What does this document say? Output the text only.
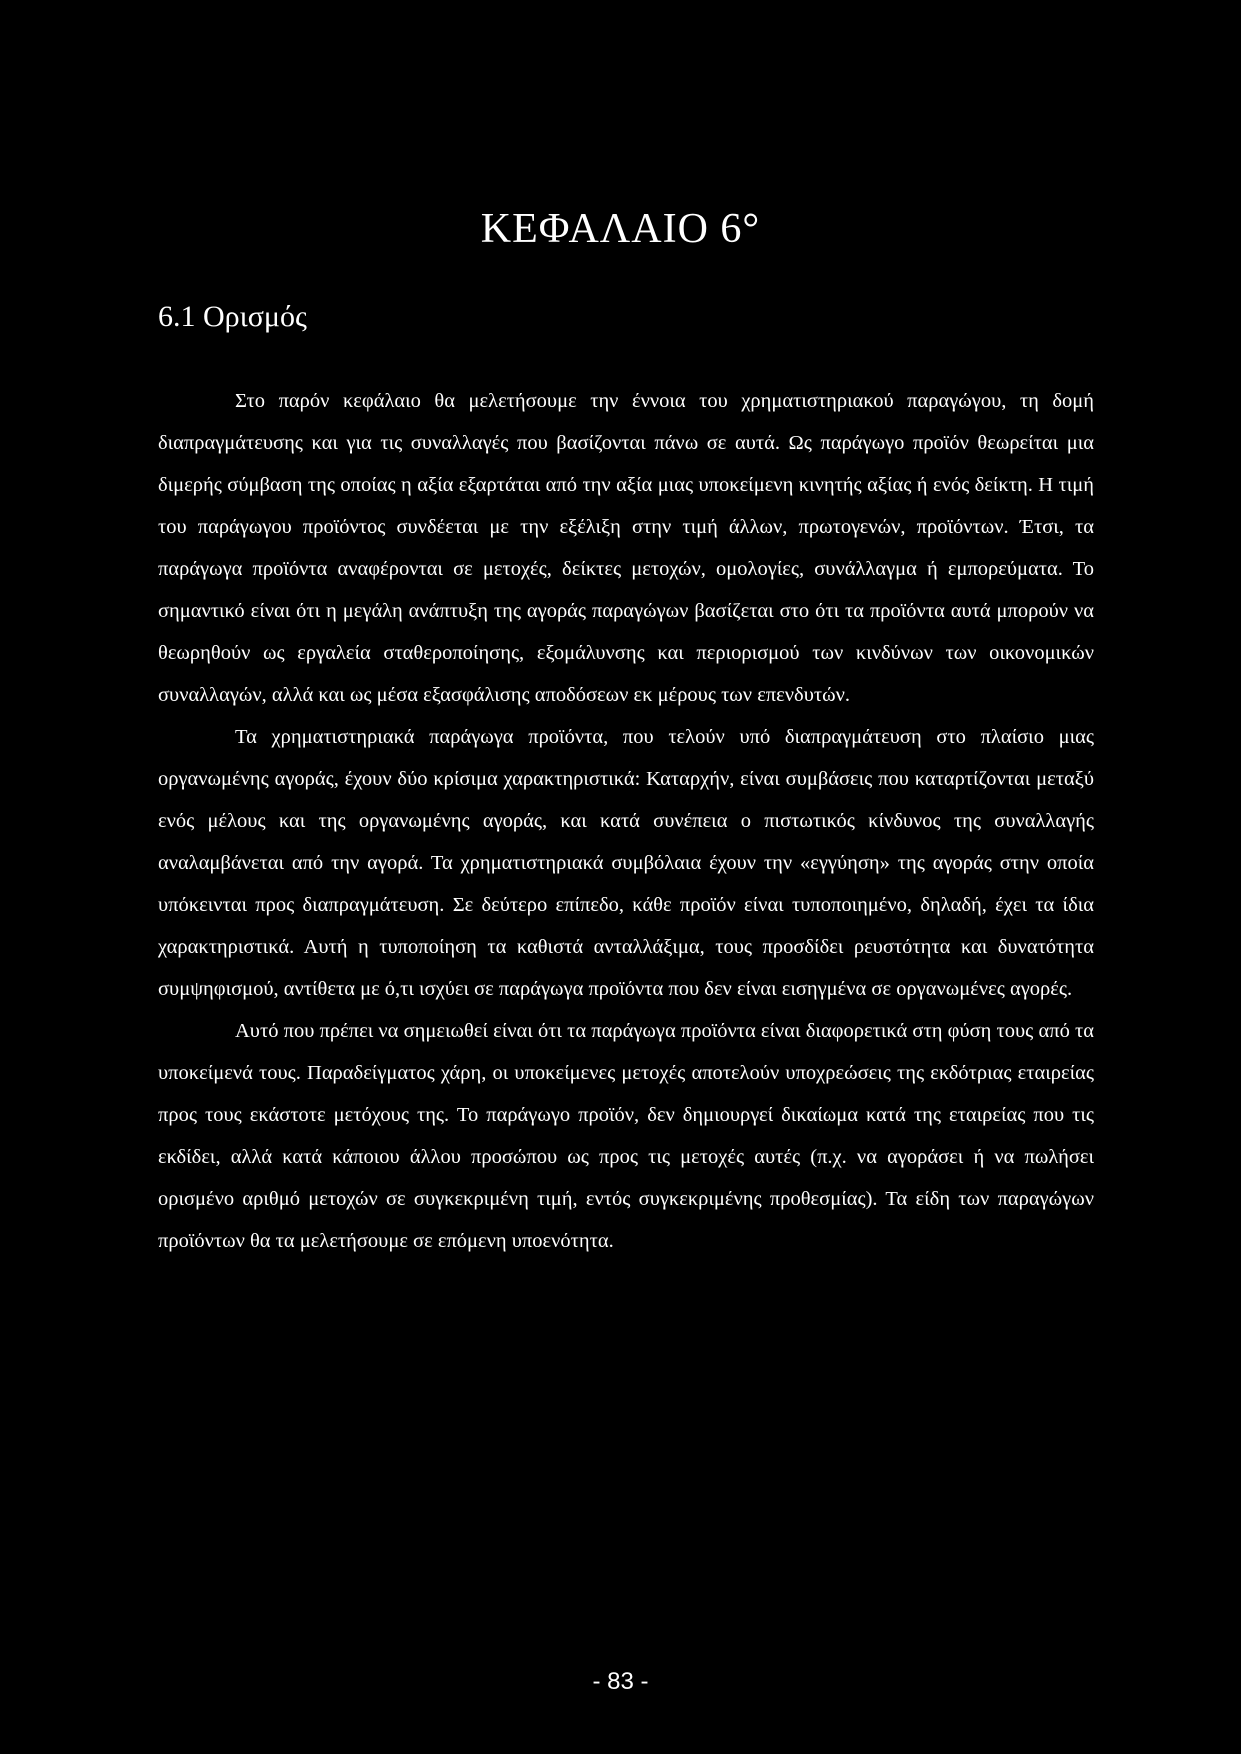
ΚΕΦΑΛΑΙΟ 6°
6.1 Ορισμός

Στο παρόν κεφάλαιο θα μελετήσουμε την έννοια του χρηματιστηριακού παραγώγου, τη δομή διαπραγμάτευσης και για τις συναλλαγές που βασίζονται πάνω σε αυτά. Ως παράγωγο προϊόν θεωρείται μια διμερής σύμβαση της οποίας η αξία εξαρτάται από την αξία μιας υποκείμενη κινητής αξίας ή ενός δείκτη. Η τιμή του παράγωγου προϊόντος συνδέεται με την εξέλιξη στην τιμή άλλων, πρωτογενών, προϊόντων. Έτσι, τα παράγωγα προϊόντα αναφέρονται σε μετοχές, δείκτες μετοχών, ομολογίες, συνάλλαγμα ή εμπορεύματα. Το σημαντικό είναι ότι η μεγάλη ανάπτυξη της αγοράς παραγώγων βασίζεται στο ότι τα προϊόντα αυτά μπορούν να θεωρηθούν ως εργαλεία σταθεροποίησης, εξομάλυνσης και περιορισμού των κινδύνων των οικονομικών συναλλαγών, αλλά και ως μέσα εξασφάλισης αποδόσεων εκ μέρους των επενδυτών.

Τα χρηματιστηριακά παράγωγα προϊόντα, που τελούν υπό διαπραγμάτευση στο πλαίσιο μιας οργανωμένης αγοράς, έχουν δύο κρίσιμα χαρακτηριστικά: Καταρχήν, είναι συμβάσεις που καταρτίζονται μεταξύ ενός μέλους και της οργανωμένης αγοράς, και κατά συνέπεια ο πιστωτικός κίνδυνος της συναλλαγής αναλαμβάνεται από την αγορά. Τα χρηματιστηριακά συμβόλαια έχουν την «εγγύηση» της αγοράς στην οποία υπόκεινται προς διαπραγμάτευση. Σε δεύτερο επίπεδο, κάθε προϊόν είναι τυποποιημένο, δηλαδή, έχει τα ίδια χαρακτηριστικά. Αυτή η τυποποίηση τα καθιστά ανταλλάξιμα, τους προσδίδει ρευστότητα και δυνατότητα συμψηφισμού, αντίθετα με ό,τι ισχύει σε παράγωγα προϊόντα που δεν είναι εισηγμένα σε οργανωμένες αγορές.

Αυτό που πρέπει να σημειωθεί είναι ότι τα παράγωγα προϊόντα είναι διαφορετικά στη φύση τους από τα υποκείμενά τους. Παραδείγματος χάρη, οι υποκείμενες μετοχές αποτελούν υποχρεώσεις της εκδότριας εταιρείας προς τους εκάστοτε μετόχους της. Το παράγωγο προϊόν, δεν δημιουργεί δικαίωμα κατά της εταιρείας που τις εκδίδει, αλλά κατά κάποιου άλλου προσώπου ως προς τις μετοχές αυτές (π.χ. να αγοράσει ή να πωλήσει ορισμένο αριθμό μετοχών σε συγκεκριμένη τιμή, εντός συγκεκριμένης προθεσμίας). Τα είδη των παραγώγων προϊόντων θα τα μελετήσουμε σε επόμενη υποενότητα.

- 83 -
